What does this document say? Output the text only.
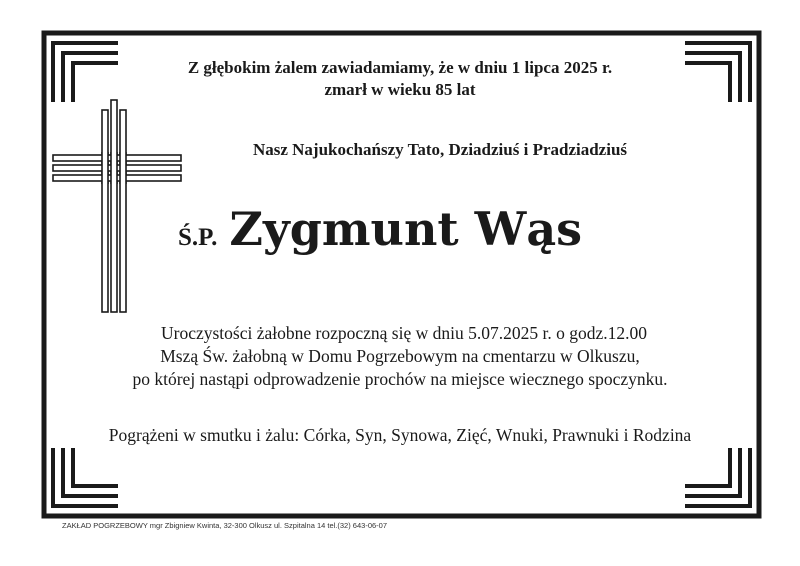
Z głębokim żalem zawiadamiamy, że w dniu 1 lipca 2025 r.
zmarł w wieku 85 lat
Nasz Najukochańszy Tato, Dziadziuś i Pradziadziuś
Ś.P. Zygmunt Wąs
Uroczystości żałobne rozpoczną się w dniu 5.07.2025 r. o godz.12.00
Mszą Św. żałobną w Domu Pogrzebowym na cmentarzu w Olkuszu,
po której nastąpi odprowadzenie prochów na miejsce wiecznego spoczynku.
Pogrążeni w smutku i żalu: Córka, Syn, Synowa, Zięć, Wnuki, Prawnuki i Rodzina
ZAKŁAD POGRZEBOWY mgr Zbigniew Kwinta, 32-300 Olkusz ul. Szpitalna 14 tel.(32) 643-06-07
